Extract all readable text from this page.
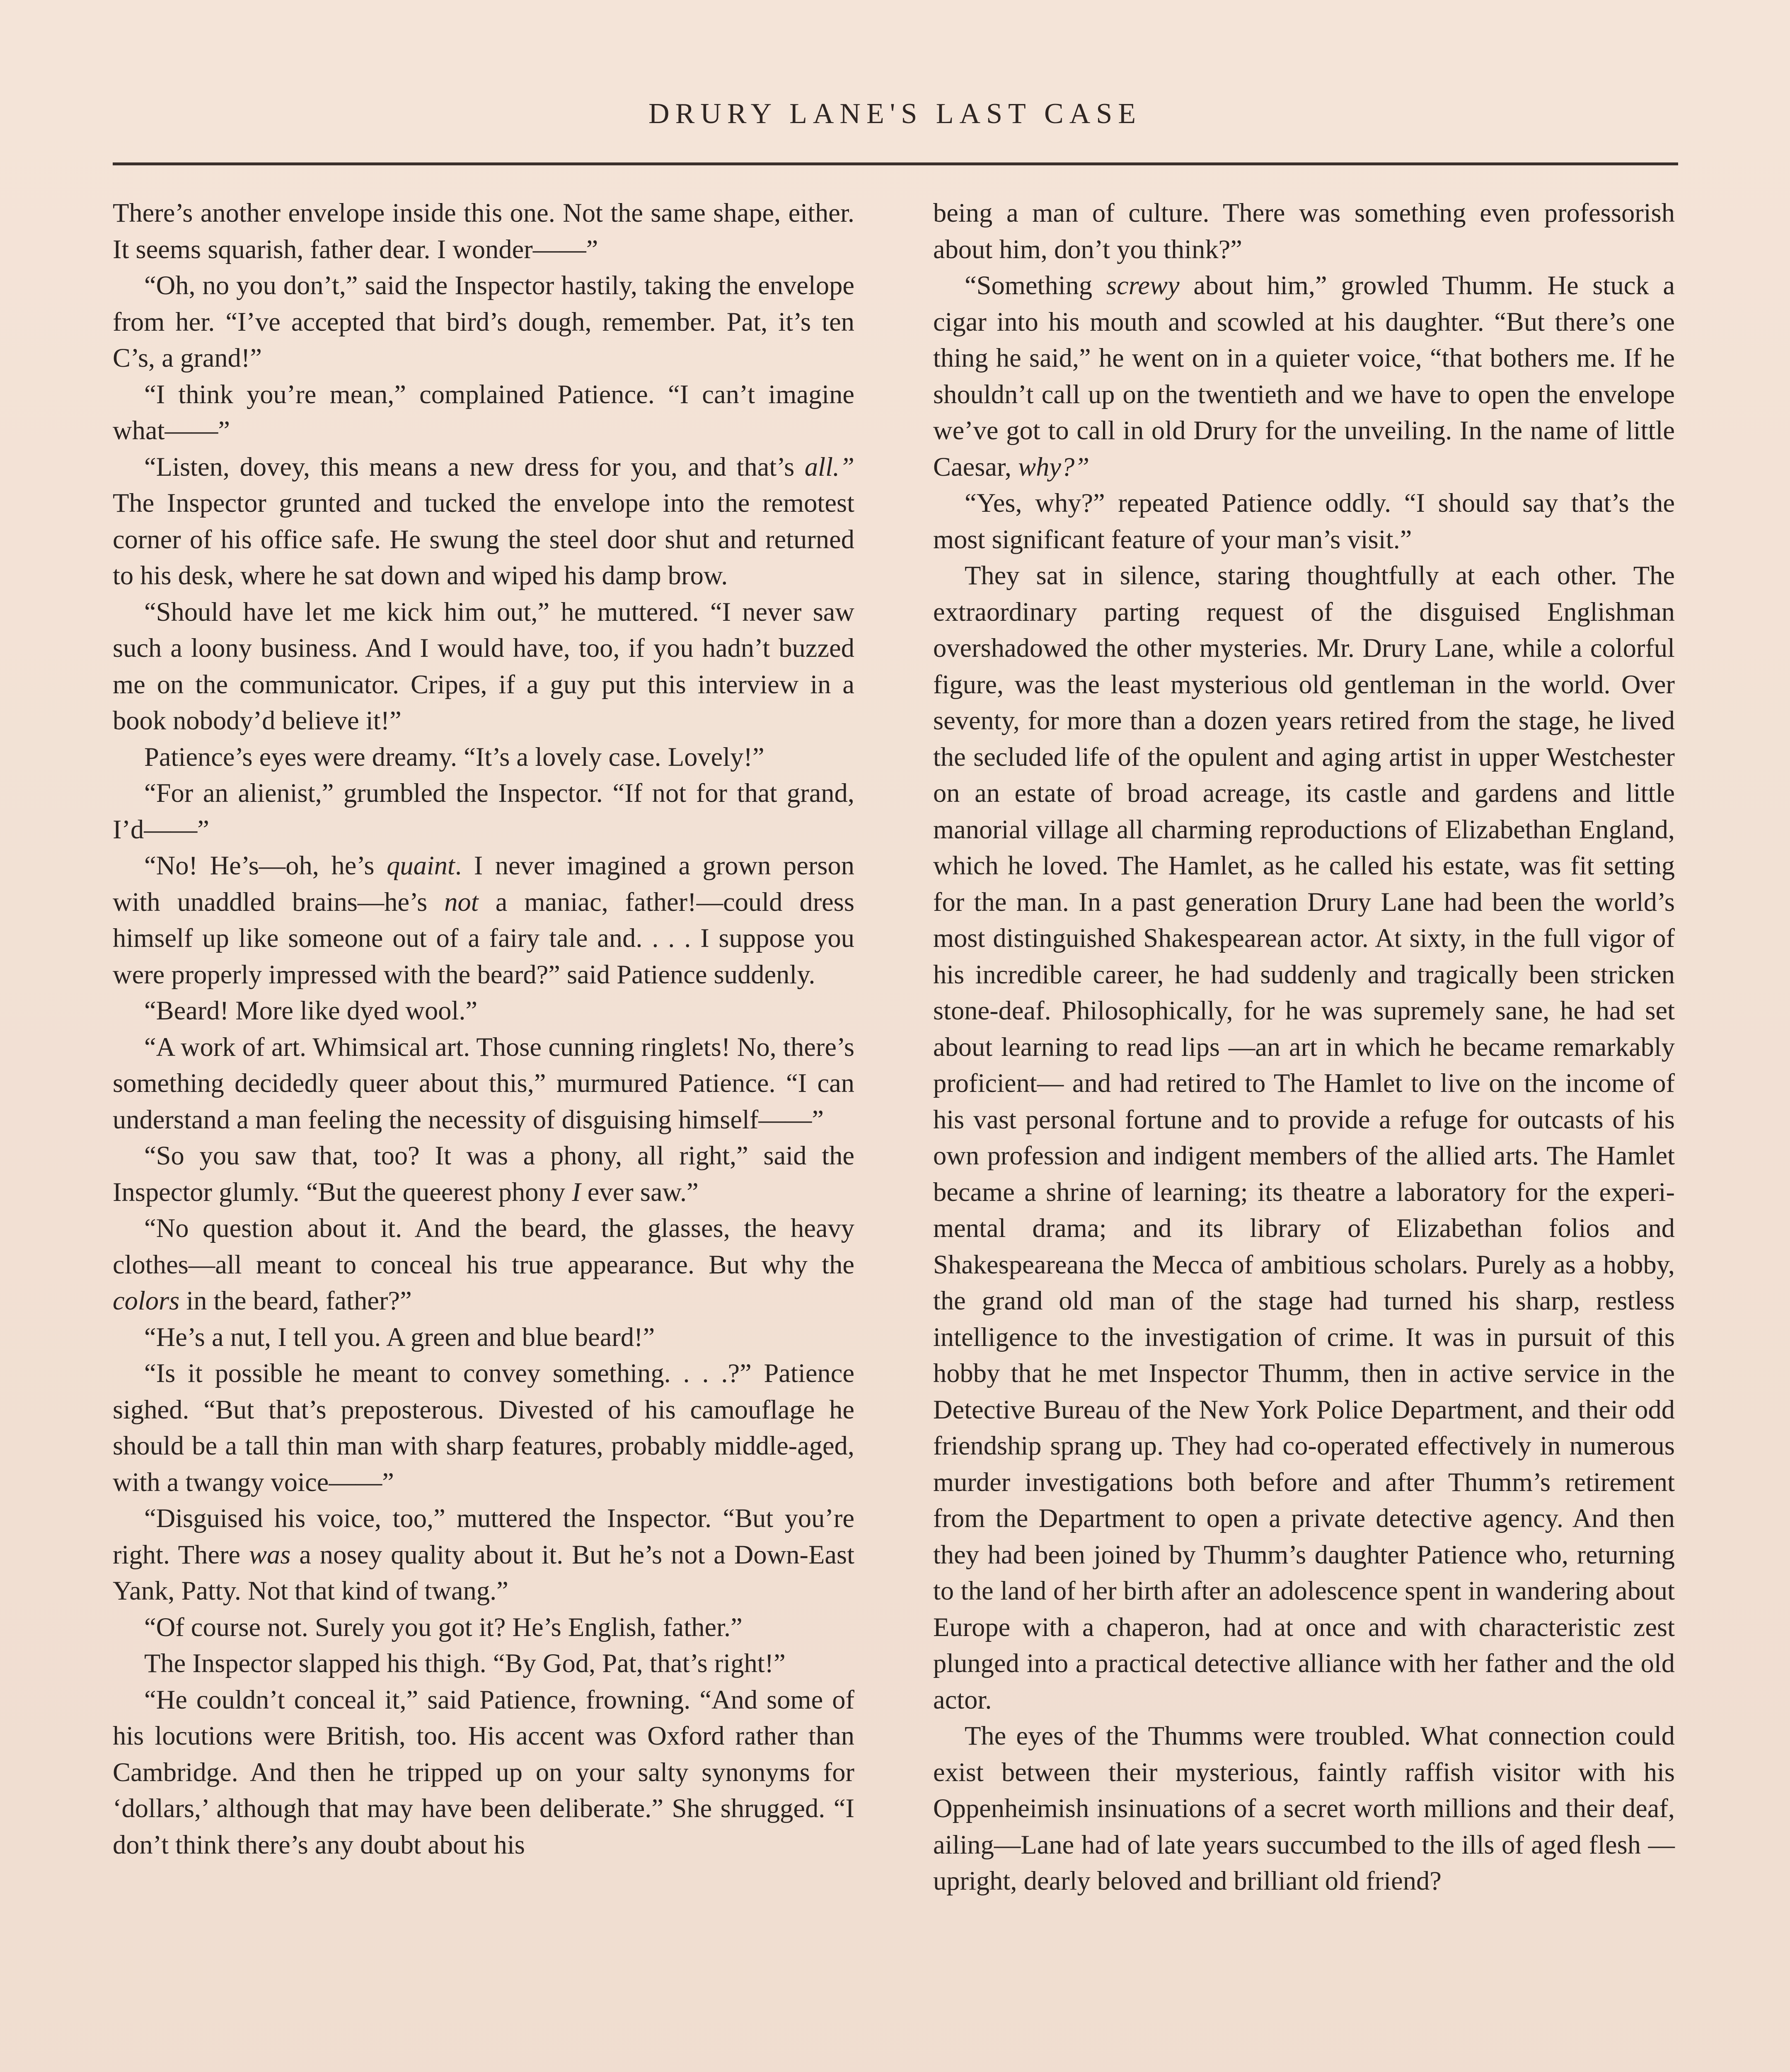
DRURY LANE'S LAST CASE

There’s another envelope inside this one. Not the same shape, either. It seems squarish, father dear. I wonder——”

“Oh, no you don’t,” said the Inspector hastily, taking the envelope from her. “I’ve accepted that bird’s dough, remember. Pat, it’s ten C’s, a grand!”

“I think you’re mean,” complained Patience. “I can’t imagine what——”

“Listen, dovey, this means a new dress for you, and that’s all.” The Inspector grunted and tucked the envelope into the remotest corner of his office safe. He swung the steel door shut and returned to his desk, where he sat down and wiped his damp brow.

“Should have let me kick him out,” he muttered. “I never saw such a loony business. And I would have, too, if you hadn’t buzzed me on the communicator. Cripes, if a guy put this interview in a book nobody’d believe it!”

Patience’s eyes were dreamy. “It’s a lovely case. Lovely!”

“For an alienist,” grumbled the Inspector. “If not for that grand, I’d——”

“No! He’s—oh, he’s quaint. I never imagined a grown person with unaddled brains—he’s not a maniac, father!—could dress himself up like someone out of a fairy tale and. . . . I suppose you were properly impressed with the beard?” said Patience suddenly.

“Beard! More like dyed wool.”

“A work of art. Whimsical art. Those cunning ringlets! No, there’s something decidedly queer about this,” murmured Patience. “I can understand a man feeling the necessity of disguising himself——”

“So you saw that, too? It was a phony, all right,” said the Inspector glumly. “But the queerest phony I ever saw.”

“No question about it. And the beard, the glasses, the heavy clothes—all meant to conceal his true appearance. But why the colors in the beard, father?”

“He’s a nut, I tell you. A green and blue beard!”

“Is it possible he meant to convey something. . . .?” Patience sighed. “But that’s preposterous. Divested of his camouflage he should be a tall thin man with sharp features, probably middle-aged, with a twangy voice——”

“Disguised his voice, too,” muttered the Inspector. “But you’re right. There was a nosey quality about it. But he’s not a Down-East Yank, Patty. Not that kind of twang.”

“Of course not. Surely you got it? He’s English, father.”

The Inspector slapped his thigh. “By God, Pat, that’s right!”

“He couldn’t conceal it,” said Patience, frowning. “And some of his locutions were British, too. His accent was Oxford rather than Cambridge. And then he tripped up on your salty synonyms for ‘dollars,’ although that may have been deliberate.” She shrugged. “I don’t think there’s any doubt about his

being a man of culture. There was something even professorish about him, don’t you think?”

“Something screwy about him,” growled Thumm. He stuck a cigar into his mouth and scowled at his daughter. “But there’s one thing he said,” he went on in a quieter voice, “that bothers me. If he shouldn’t call up on the twentieth and we have to open the envelope we’ve got to call in old Drury for the unveiling. In the name of little Caesar, why?”

“Yes, why?” repeated Patience oddly. “I should say that’s the most significant feature of your man’s visit.”

They sat in silence, staring thoughtfully at each other. The extraordinary parting request of the disguised Englishman overshadowed the other mysteries. Mr. Drury Lane, while a colorful figure, was the least mysterious old gentleman in the world. Over seventy, for more than a dozen years retired from the stage, he lived the secluded life of the opulent and aging artist in upper Westchester on an estate of broad acreage, its castle and gardens and little manorial village all charming reproductions of Elizabethan England, which he loved. The Hamlet, as he called his estate, was fit setting for the man. In a past generation Drury Lane had been the world’s most distinguished Shakespearean actor. At sixty, in the full vigor of his incredible career, he had suddenly and tragically been stricken stone-deaf. Philosophically, for he was supremely sane, he had set about learning to read lips —an art in which he became remarkably proficient— and had retired to The Hamlet to live on the income of his vast personal fortune and to provide a refuge for outcasts of his own profession and indigent members of the allied arts. The Hamlet became a shrine of learning; its theatre a laboratory for the experimental drama; and its library of Elizabethan folios and Shakespeareana the Mecca of ambitious scholars. Purely as a hobby, the grand old man of the stage had turned his sharp, restless intelligence to the investigation of crime. It was in pursuit of this hobby that he met Inspector Thumm, then in active service in the Detective Bureau of the New York Police Department, and their odd friendship sprang up. They had co-operated effectively in numerous murder investigations both before and after Thumm’s retirement from the Department to open a private detective agency. And then they had been joined by Thumm’s daughter Patience who, returning to the land of her birth after an adolescence spent in wandering about Europe with a chaperon, had at once and with characteristic zest plunged into a practical detective alliance with her father and the old actor.

The eyes of the Thumms were troubled. What connection could exist between their mysterious, faintly raffish visitor with his Oppenheimish insinuations of a secret worth millions and their deaf, ailing—Lane had of late years succumbed to the ills of aged flesh —upright, dearly beloved and brilliant old friend?
